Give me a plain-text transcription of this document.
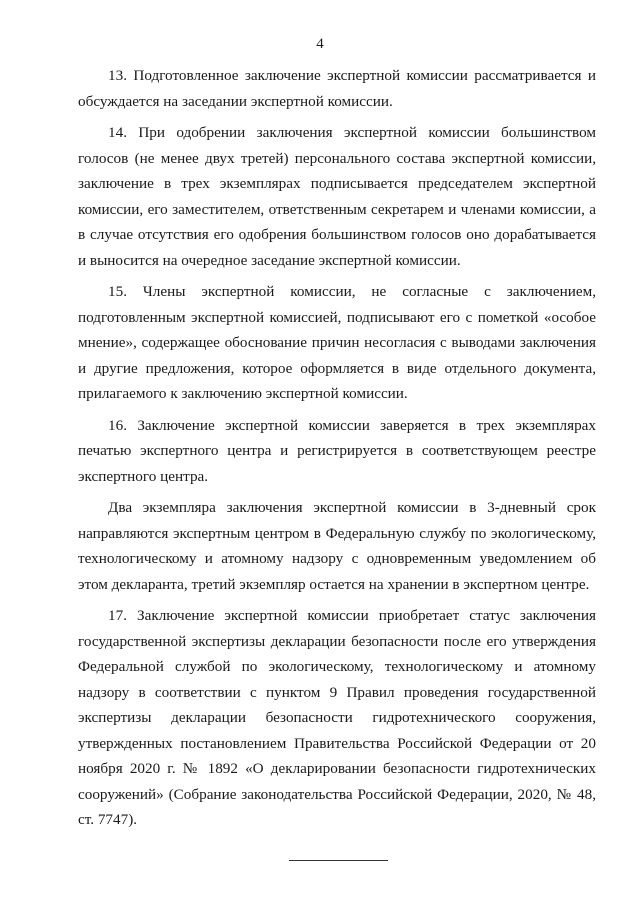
4

13. Подготовленное заключение экспертной комиссии рассматривается и обсуждается на заседании экспертной комиссии.

14. При одобрении заключения экспертной комиссии большинством голосов (не менее двух третей) персонального состава экспертной комиссии, заключение в трех экземплярах подписывается председателем экспертной комиссии, его заместителем, ответственным секретарем и членами комиссии, а в случае отсутствия его одобрения большинством голосов оно дорабатывается и выносится на очередное заседание экспертной комиссии.

15. Члены экспертной комиссии, не согласные с заключением, подготовленным экспертной комиссией, подписывают его с пометкой «особое мнение», содержащее обоснование причин несогласия с выводами заключения и другие предложения, которое оформляется в виде отдельного документа, прилагаемого к заключению экспертной комиссии.

16. Заключение экспертной комиссии заверяется в трех экземплярах печатью экспертного центра и регистрируется в соответствующем реестре экспертного центра.

Два экземпляра заключения экспертной комиссии в 3-дневный срок направляются экспертным центром в Федеральную службу по экологическому, технологическому и атомному надзору с одновременным уведомлением об этом декларанта, третий экземпляр остается на хранении в экспертном центре.

17. Заключение экспертной комиссии приобретает статус заключения государственной экспертизы декларации безопасности после его утверждения Федеральной службой по экологическому, технологическому и атомному надзору в соответствии с пунктом 9 Правил проведения государственной экспертизы декларации безопасности гидротехнического сооружения, утвержденных постановлением Правительства Российской Федерации от 20 ноября 2020 г. № 1892 «О декларировании безопасности гидротехнических сооружений» (Собрание законодательства Российской Федерации, 2020, № 48, ст. 7747).
